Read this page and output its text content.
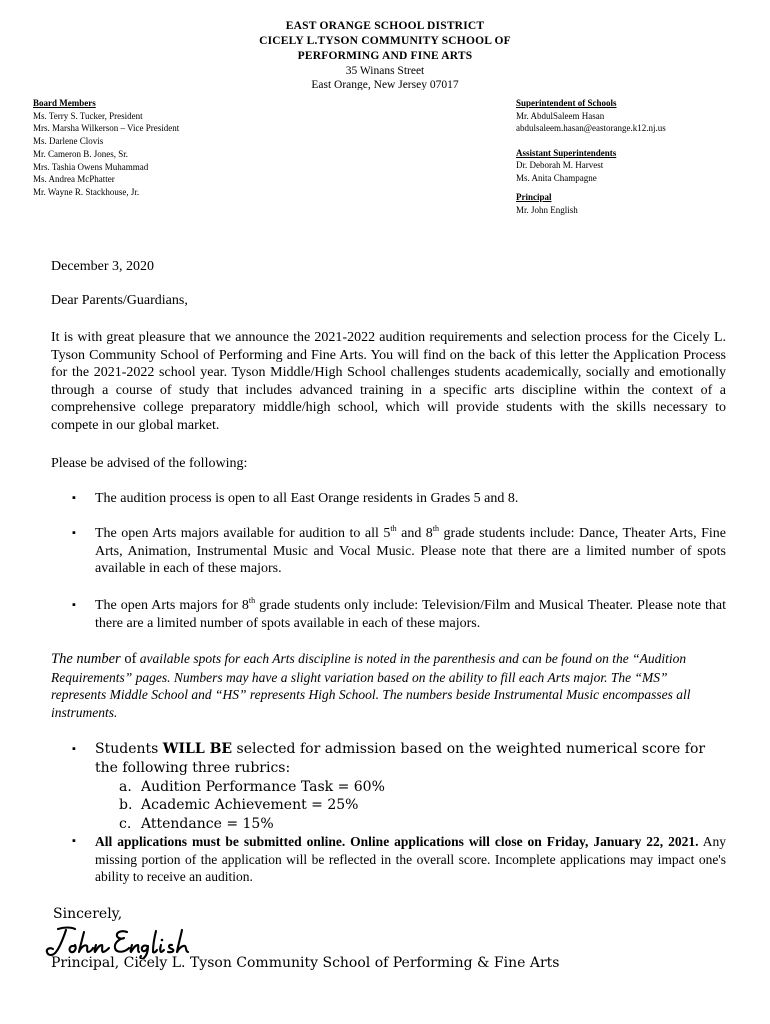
EAST ORANGE SCHOOL DISTRICT
CICELY L.TYSON COMMUNITY SCHOOL OF
PERFORMING AND FINE ARTS
35 Winans Street
East Orange, New Jersey 07017
Board Members
Ms. Terry S. Tucker, President
Mrs. Marsha Wilkerson – Vice President
Ms. Darlene Clovis
Mr. Cameron B. Jones, Sr.
Mrs. Tashia Owens Muhammad
Ms. Andrea McPhatter
Mr. Wayne R. Stackhouse, Jr.
Superintendent of Schools
Mr. AbdulSaleem Hasan
abdulsaleem.hasan@eastorange.k12.nj.us
Assistant Superintendents
Dr. Deborah M. Harvest
Ms. Anita Champagne
Principal
Mr. John English
December 3, 2020
Dear Parents/Guardians,
It is with great pleasure that we announce the 2021-2022 audition requirements and selection process for the Cicely L. Tyson Community School of Performing and Fine Arts. You will find on the back of this letter the Application Process for the 2021-2022 school year. Tyson Middle/High School challenges students academically, socially and emotionally through a course of study that includes advanced training in a specific arts discipline within the context of a comprehensive college preparatory middle/high school, which will provide students with the skills necessary to compete in our global market.
Please be advised of the following:
▪ The audition process is open to all East Orange residents in Grades 5 and 8.
▪ The open Arts majors available for audition to all 5th and 8th grade students include: Dance, Theater Arts, Fine Arts, Animation, Instrumental Music and Vocal Music. Please note that there are a limited number of spots available in each of these majors.
▪ The open Arts majors for 8th grade students only include: Television/Film and Musical Theater. Please note that there are a limited number of spots available in each of these majors.
The number of available spots for each Arts discipline is noted in the parenthesis and can be found on the “Audition Requirements” pages. Numbers may have a slight variation based on the ability to fill each Arts major. The “MS” represents Middle School and “HS” represents High School. The numbers beside Instrumental Music encompasses all instruments.
▪ Students WILL BE selected for admission based on the weighted numerical score for the following three rubrics:
a. Audition Performance Task = 60%
b. Academic Achievement = 25%
c. Attendance = 15%
▪ All applications must be submitted online. Online applications will close on Friday, January 22, 2021. Any missing portion of the application will be reflected in the overall score. Incomplete applications may impact one's ability to receive an audition.
Sincerely,
Principal, Cicely L. Tyson Community School of Performing & Fine Arts
